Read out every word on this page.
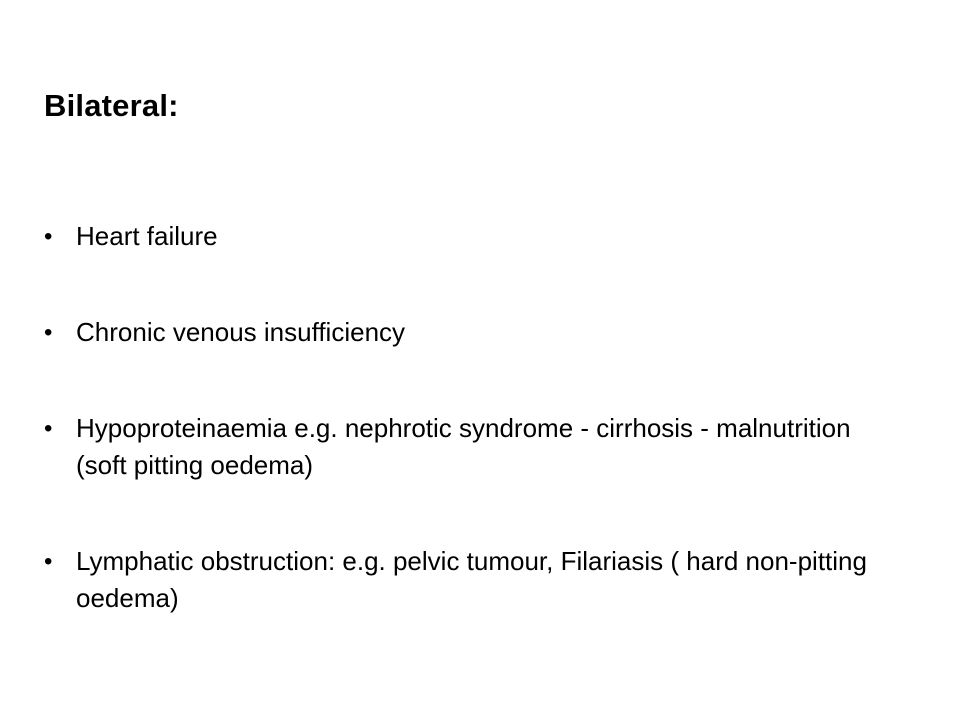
Bilateral:
• Heart failure
• Chronic venous insufficiency
• Hypoproteinaemia e.g. nephrotic syndrome - cirrhosis - malnutrition (soft pitting oedema)
• Lymphatic obstruction: e.g. pelvic tumour, Filariasis ( hard non-pitting oedema)
